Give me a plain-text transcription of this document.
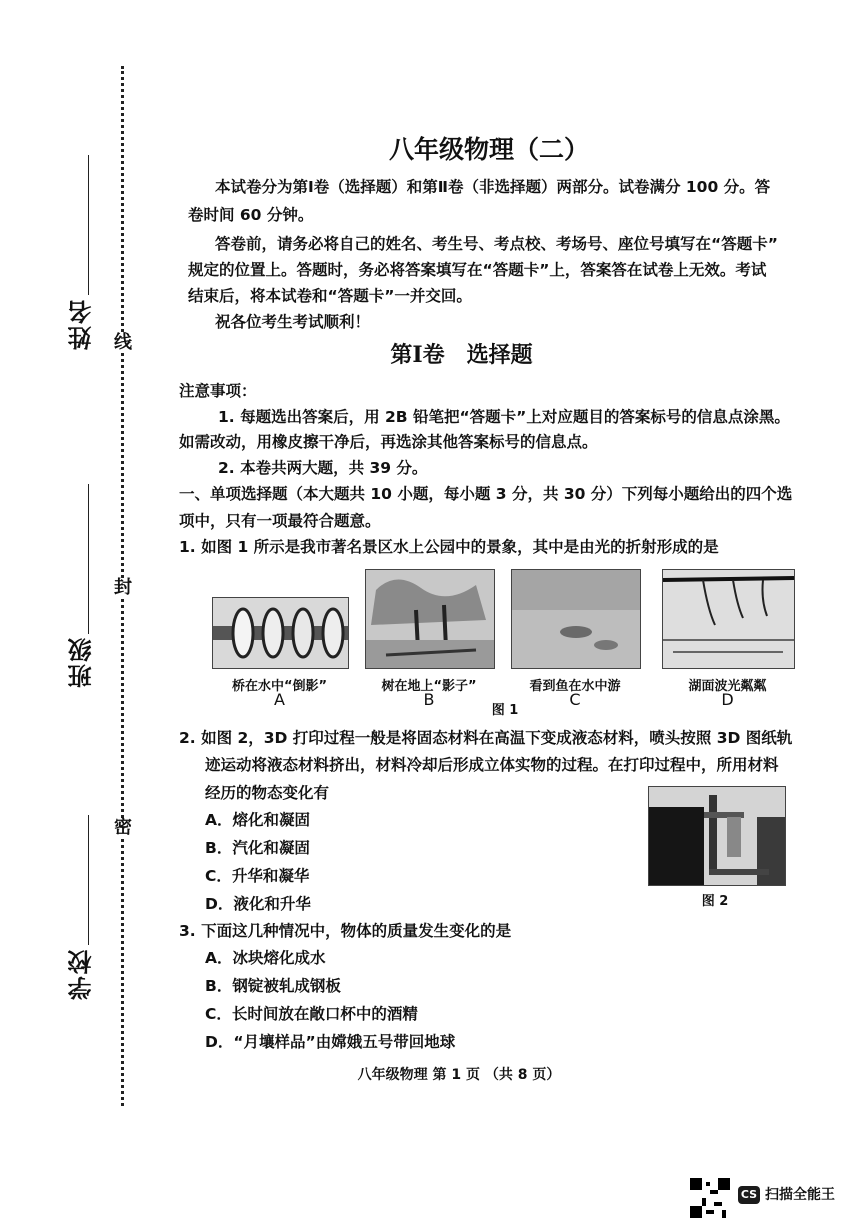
线
封
密
姓名
班级
学校
八年级物理（二）
本试卷分为第Ⅰ卷（选择题）和第Ⅱ卷（非选择题）两部分。试卷满分 100 分。答
卷时间 60 分钟。
答卷前，请务必将自己的姓名、考生号、考点校、考场号、座位号填写在“答题卡”
规定的位置上。答题时，务必将答案填写在“答题卡”上，答案答在试卷上无效。考试
结束后，将本试卷和“答题卡”一并交回。
祝各位考生考试顺利！
第Ⅰ卷　选择题
注意事项：
1. 每题选出答案后，用 2B 铅笔把“答题卡”上对应题目的答案标号的信息点涂黑。
如需改动，用橡皮擦干净后，再选涂其他答案标号的信息点。
2. 本卷共两大题，共 39 分。
一、单项选择题（本大题共 10 小题，每小题 3 分，共 30 分）下列每小题给出的四个选
项中，只有一项最符合题意。
1. 如图 1 所示是我市著名景区水上公园中的景象，其中是由光的折射形成的是
桥在水中“倒影”
A
树在地上“影子”
B
看到鱼在水中游
C
湖面波光粼粼
D
图 1
2. 如图 2，3D 打印过程一般是将固态材料在高温下变成液态材料，喷头按照 3D 图纸轨
迹运动将液态材料挤出，材料冷却后形成立体实物的过程。在打印过程中，所用材料
经历的物态变化有
A．熔化和凝固
B．汽化和凝固
C．升华和凝华
D．液化和升华	图 2
3. 下面这几种情况中，物体的质量发生变化的是
A．冰块熔化成水
B．钢锭被轧成钢板
C．长时间放在敞口杯中的酒精
D．“月壤样品”由嫦娥五号带回地球
八年级物理 第 1 页 （共 8 页）
CS 扫描全能王
